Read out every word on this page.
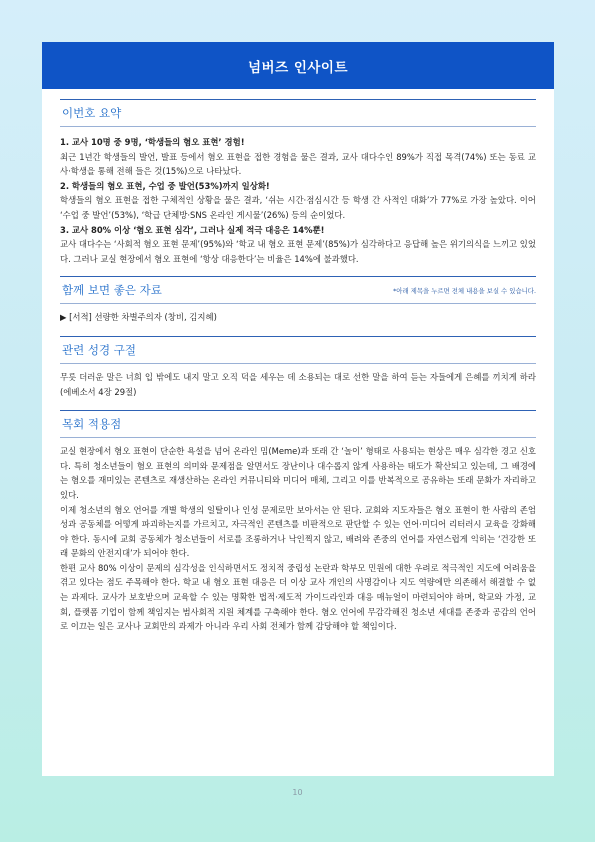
넘버즈 인사이트
이번호 요약

1. 교사 10명 중 9명, ‘학생들의 혐오 표현’ 경험!

최근 1년간 학생들의 발언, 발표 등에서 혐오 표현을 접한 경험을 물은 결과, 교사 대다수인 89%가 직접 목격(74%) 또는 동료 교사·학생을 통해 전해 들은 것(15%)으로 나타났다.

2. 학생들의 혐오 표현, 수업 중 발언(53%)까지 일상화!

학생들의 혐오 표현을 접한 구체적인 상황을 물은 결과, ‘쉬는 시간·점심시간 등 학생 간 사적인 대화’가 77%로 가장 높았다. 이어 ‘수업 중 발언’(53%), ‘학급 단체방·SNS 온라인 게시물’(26%) 등의 순이었다.

3. 교사 80% 이상 ‘혐오 표현 심각’, 그러나 실제 적극 대응은 14%뿐!

교사 대다수는 ‘사회적 혐오 표현 문제’(95%)와 ‘학교 내 혐오 표현 문제’(85%)가 심각하다고 응답해 높은 위기의식을 느끼고 있었다. 그러나 교실 현장에서 혐오 표현에 ‘항상 대응한다’는 비율은 14%에 불과했다.

함께 보면 좋은 자료	*아래 제목을 누르면 전체 내용을 보실 수 있습니다.

▶ [서적] 선량한 차별주의자 (창비, 김지혜)

관련 성경 구절

무릇 더러운 말은 너희 입 밖에도 내지 말고 오직 덕을 세우는 데 소용되는 대로 선한 말을 하여 듣는 자들에게 은혜를 끼치게 하라 (에베소서 4장 29절)

목회 적용점

교실 현장에서 혐오 표현이 단순한 욕설을 넘어 온라인 밈(Meme)과 또래 간 ‘놀이’ 형태로 사용되는 현상은 매우 심각한 경고 신호다. 특히 청소년들이 혐오 표현의 의미와 문제점을 알면서도 장난이나 대수롭지 않게 사용하는 태도가 확산되고 있는데, 그 배경에는 혐오를 재미있는 콘텐츠로 재생산하는 온라인 커뮤니티와 미디어 매체, 그리고 이를 반복적으로 공유하는 또래 문화가 자리하고 있다.

이제 청소년의 혐오 언어를 개별 학생의 일탈이나 인성 문제로만 보아서는 안 된다. 교회와 지도자들은 혐오 표현이 한 사람의 존엄성과 공동체를 어떻게 파괴하는지를 가르치고, 자극적인 콘텐츠를 비판적으로 판단할 수 있는 언어·미디어 리터러시 교육을 강화해야 한다. 동시에 교회 공동체가 청소년들이 서로를 조롱하거나 낙인찍지 않고, 배려와 존중의 언어를 자연스럽게 익히는 ‘건강한 또래 문화의 안전지대’가 되어야 한다.

한편 교사 80% 이상이 문제의 심각성을 인식하면서도 정치적 중립성 논란과 학부모 민원에 대한 우려로 적극적인 지도에 어려움을 겪고 있다는 점도 주목해야 한다. 학교 내 혐오 표현 대응은 더 이상 교사 개인의 사명감이나 지도 역량에만 의존해서 해결할 수 없는 과제다. 교사가 보호받으며 교육할 수 있는 명확한 법적·제도적 가이드라인과 대응 매뉴얼이 마련되어야 하며, 학교와 가정, 교회, 플랫폼 기업이 함께 책임지는 범사회적 지원 체계를 구축해야 한다. 혐오 언어에 무감각해진 청소년 세대를 존중과 공감의 언어로 이끄는 일은 교사나 교회만의 과제가 아니라 우리 사회 전체가 함께 감당해야 할 책임이다.

10
